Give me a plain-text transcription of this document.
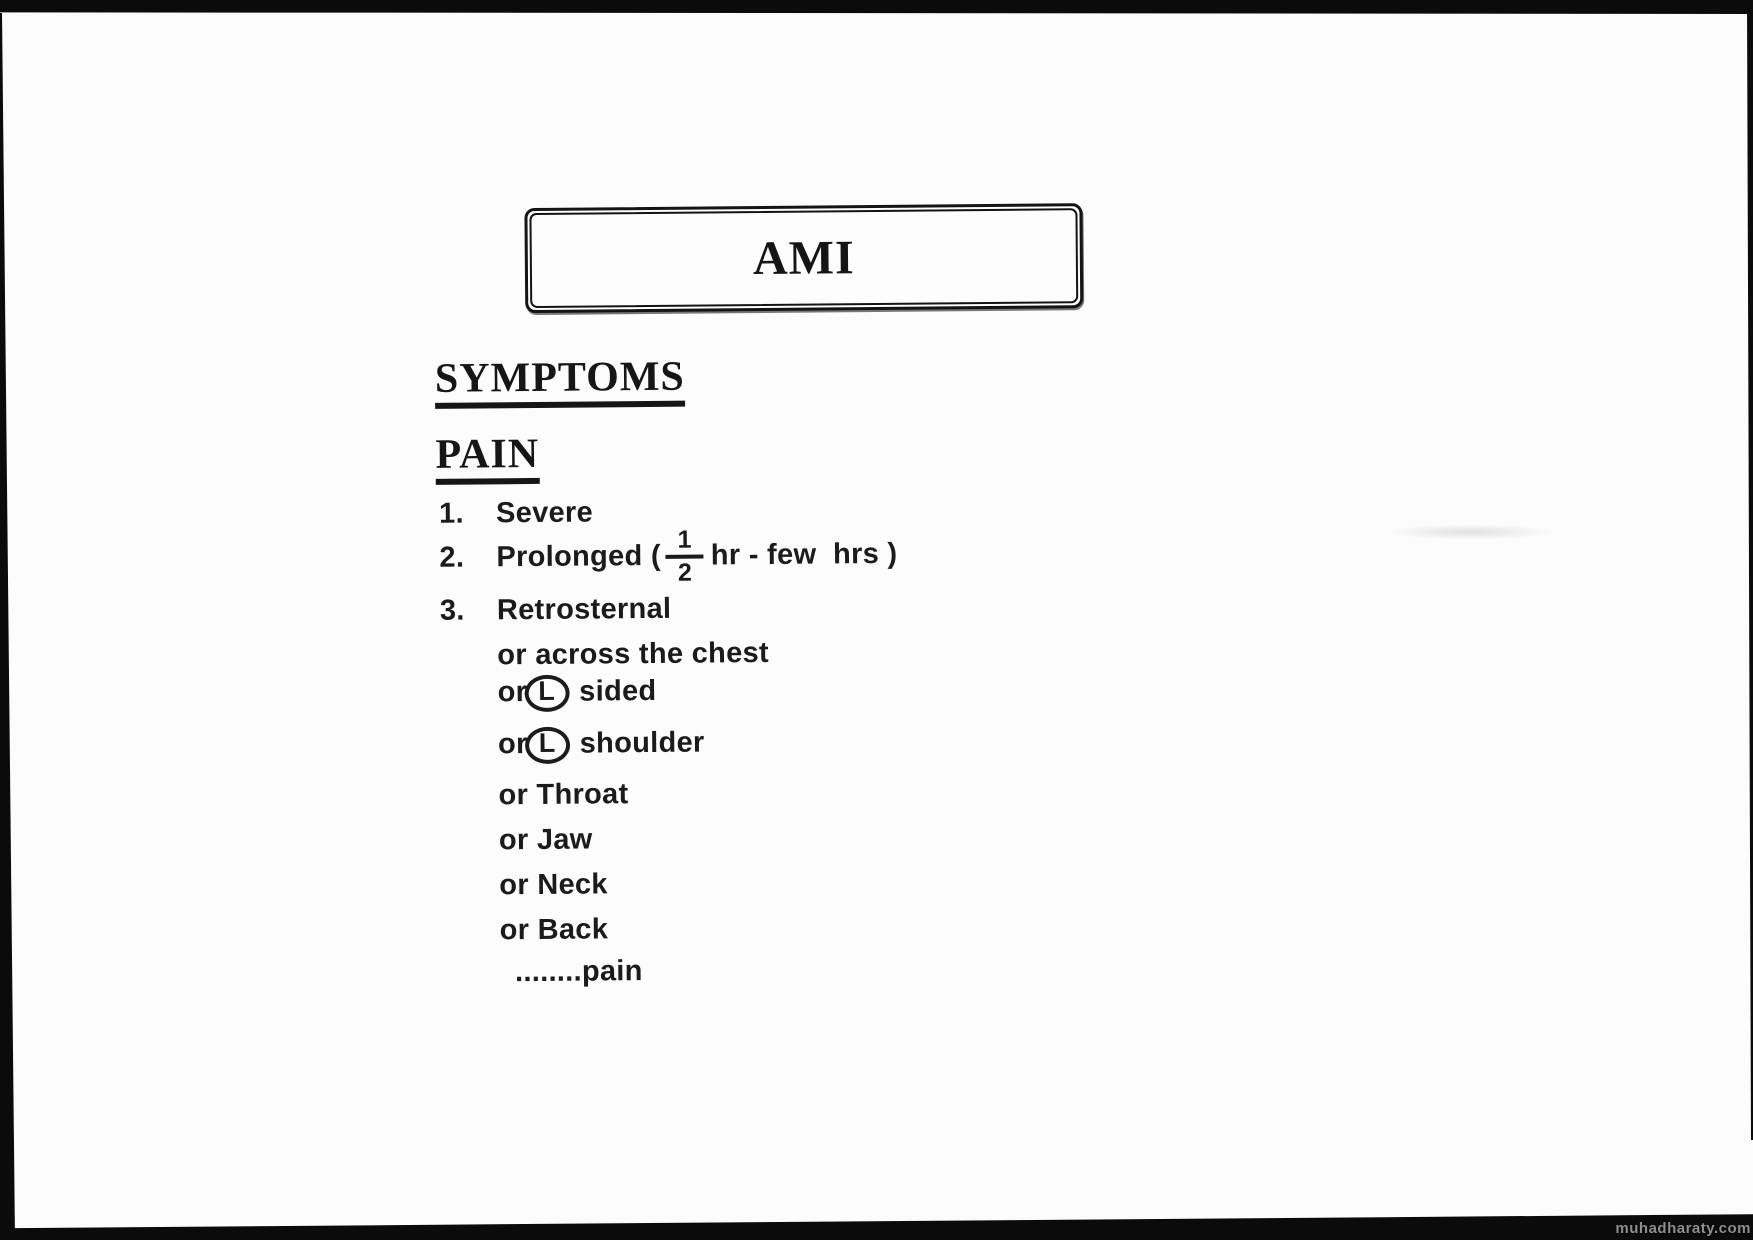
AMI
SYMPTOMS
PAIN
1.	Severe
2.	Prolonged (
1
2
hr - few  hrs )
3.	Retrosternal
or across the chest
or L sided
or L shoulder
or Throat
or Jaw
or Neck
or Back
........pain
muhadharaty.com
